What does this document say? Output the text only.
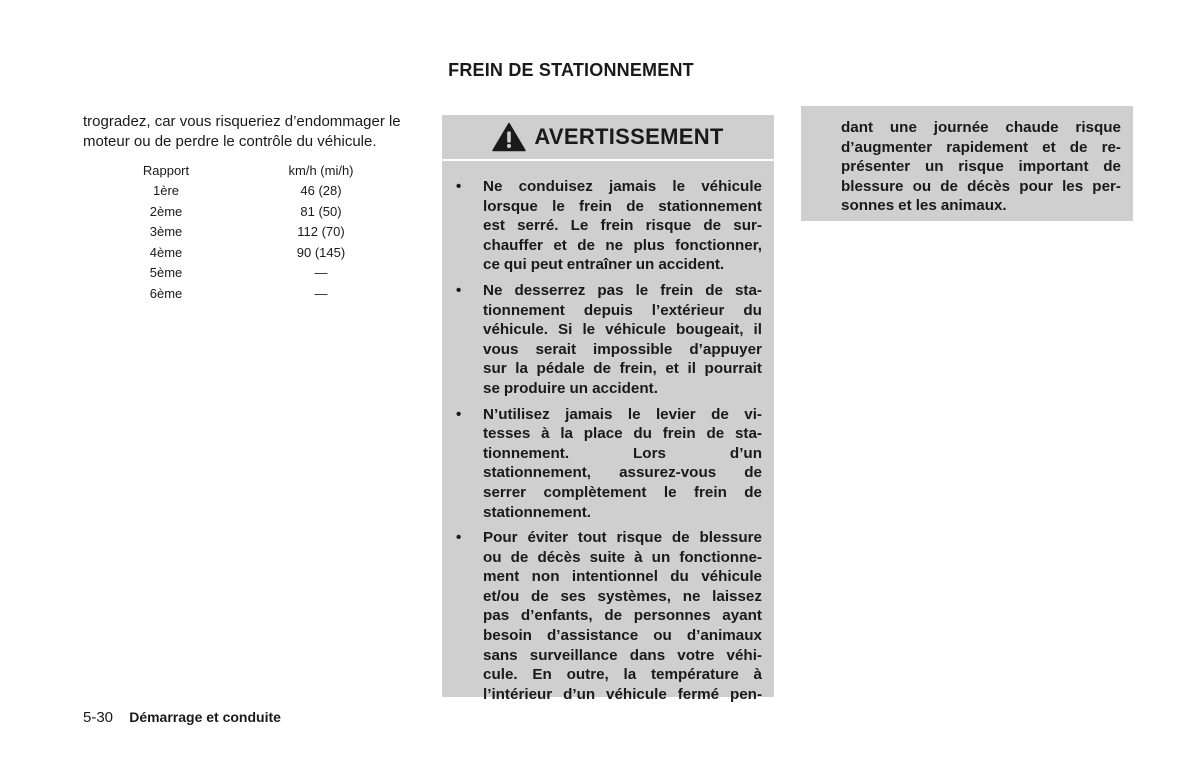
FREIN DE STATIONNEMENT
trogradez, car vous risqueriez d’endommager le
moteur ou de perdre le contrôle du véhicule.
Rapport	km/h (mi/h)
1ère	46 (28)
2ème	81 (50)
3ème	112 (70)
4ème	90 (145)
5ème	—
6ème	—
AVERTISSEMENT
•	Ne conduisez jamais le véhicule
lorsque le frein de stationnement
est serré. Le frein risque de sur-
chauffer et de ne plus fonctionner,
ce qui peut entraîner un accident.
•	Ne desserrez pas le frein de sta-
tionnement depuis l’extérieur du
véhicule. Si le véhicule bougeait, il
vous serait impossible d’appuyer
sur la pédale de frein, et il pourrait
se produire un accident.
•	N’utilisez jamais le levier de vi-
tesses à la place du frein de sta-
tionnement.	Lors	d’un
stationnement, assurez-vous de
serrer complètement le frein de
stationnement.
•	Pour éviter tout risque de blessure
ou de décès suite à un fonctionne-
ment non intentionnel du véhicule
et/ou de ses systèmes, ne laissez
pas d’enfants, de personnes ayant
besoin d’assistance ou d’animaux
sans surveillance dans votre véhi-
cule. En outre, la température à
l’intérieur d’un véhicule fermé pen-
dant une journée chaude risque
d’augmenter rapidement et de re-
présenter un risque important de
blessure ou de décès pour les per-
sonnes et les animaux.
5-30 Démarrage et conduite
